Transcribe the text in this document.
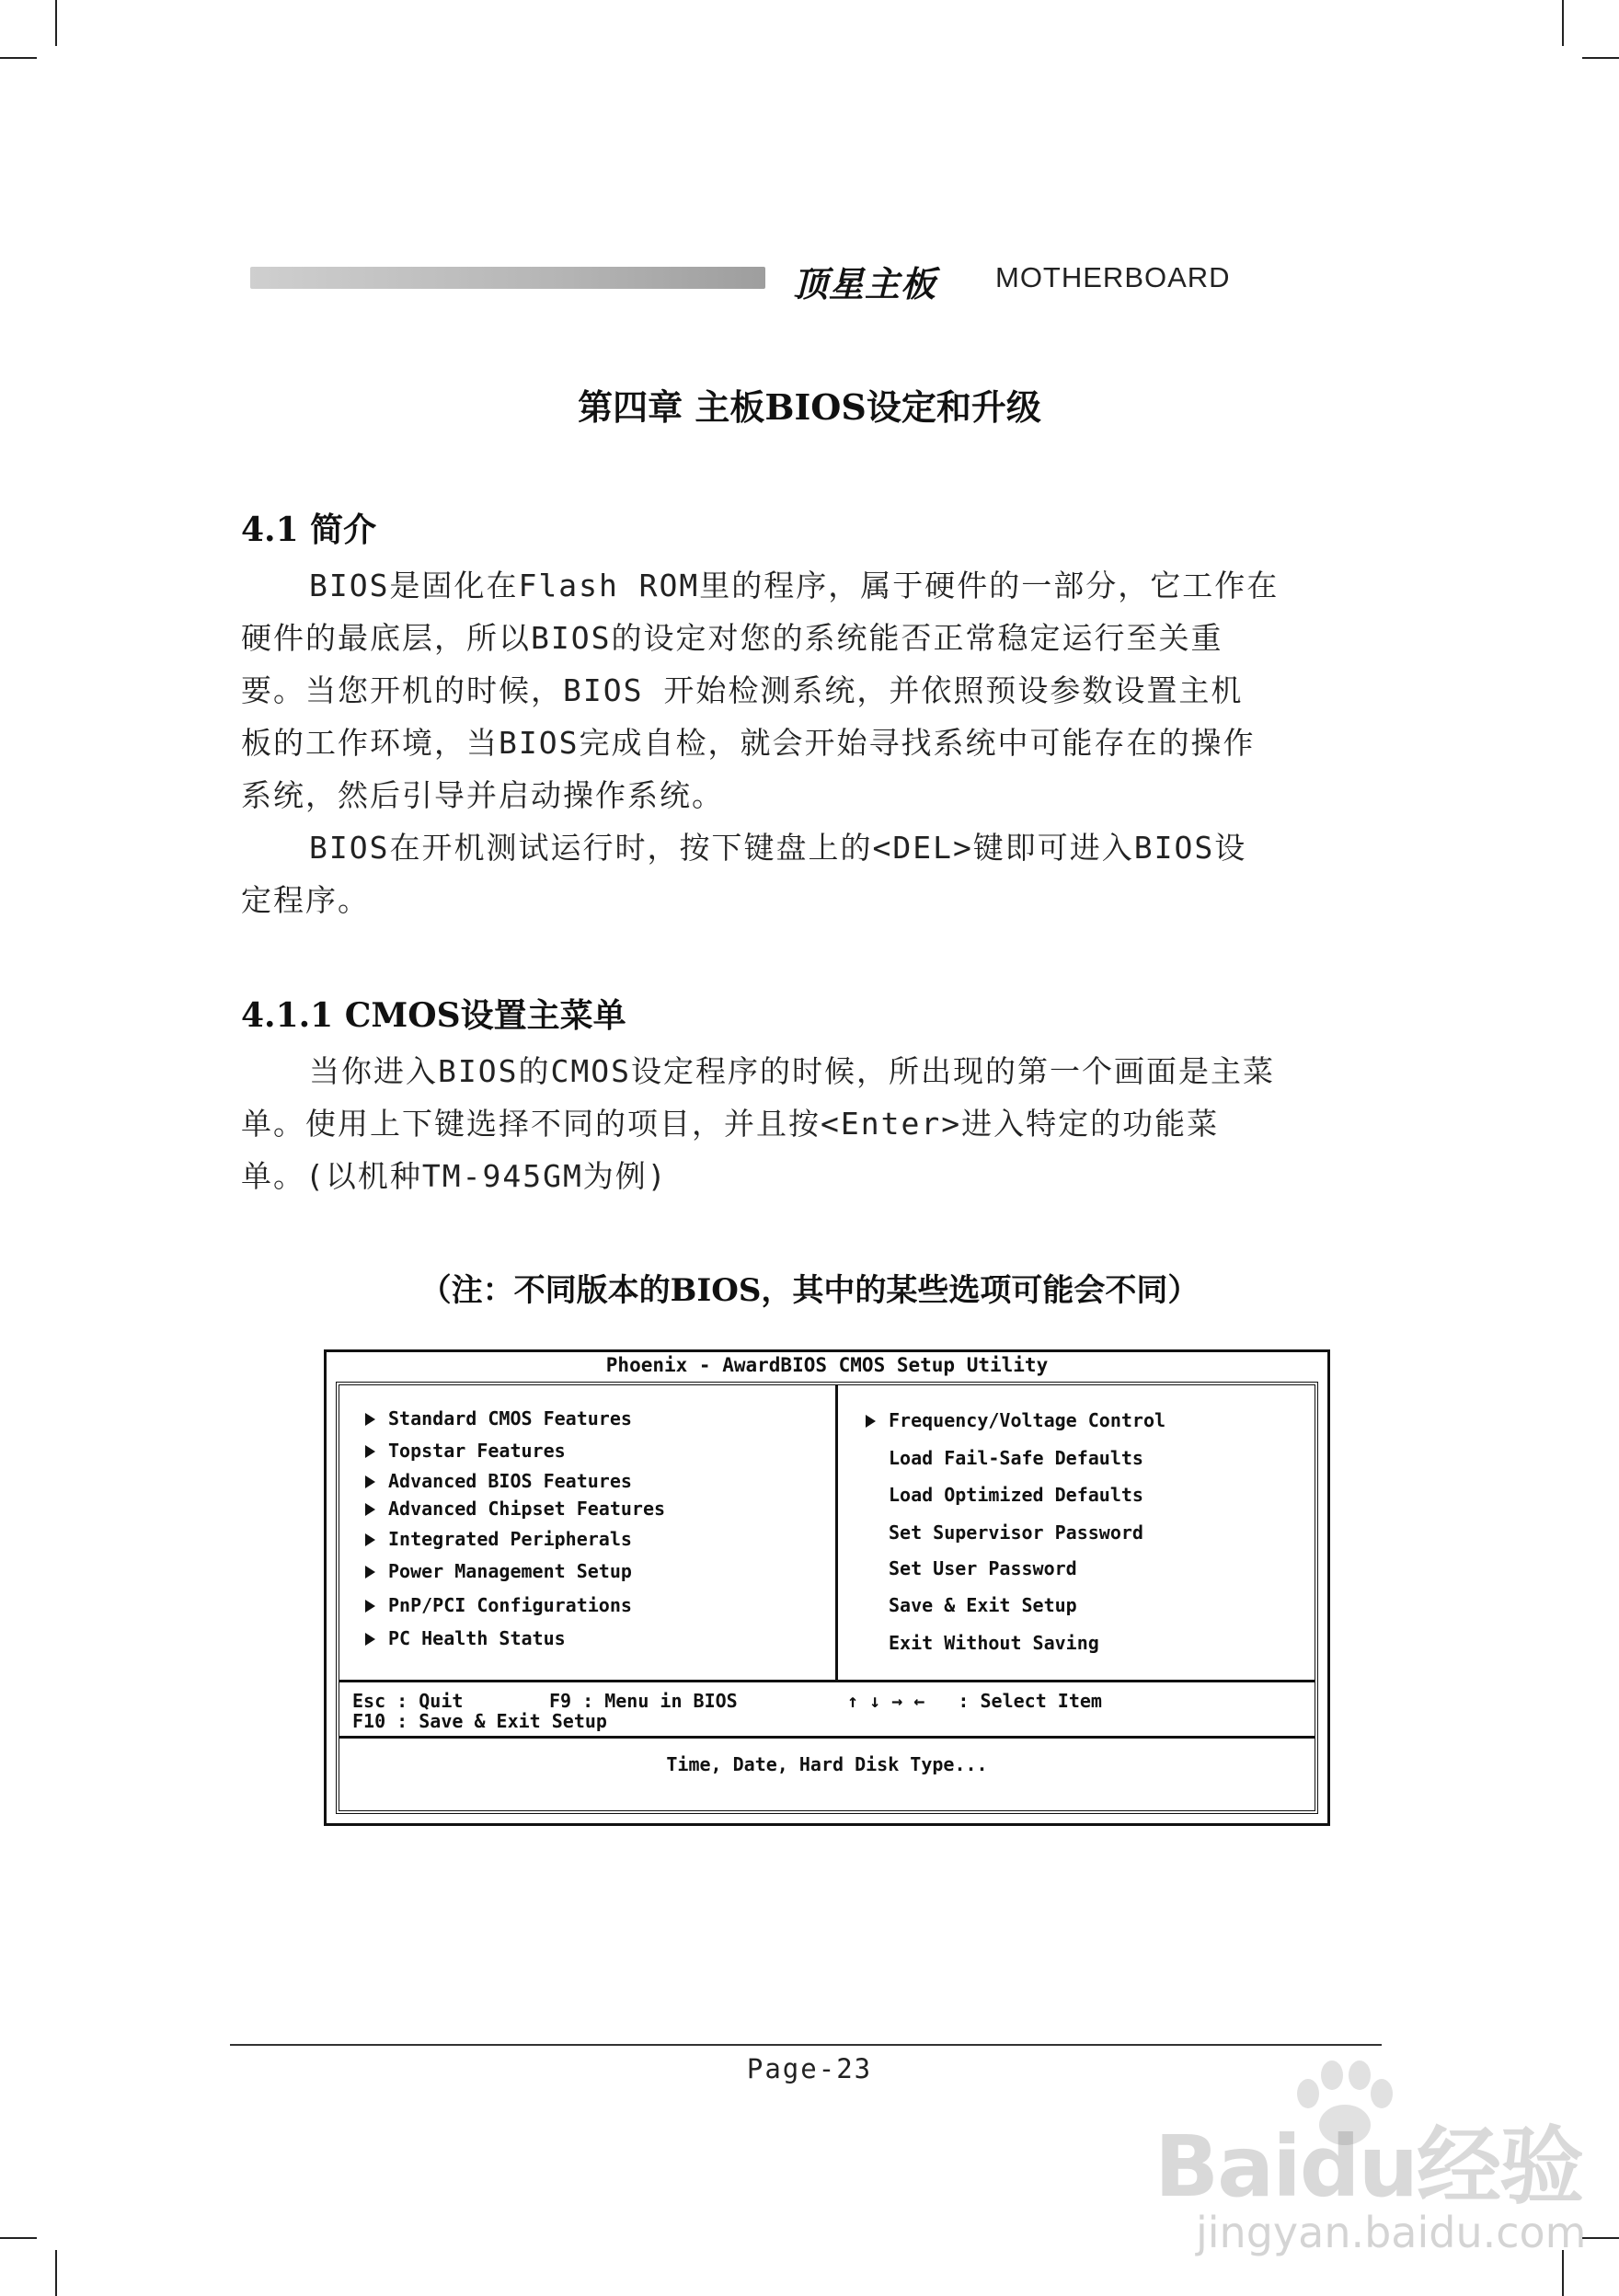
顶星主板 MOTHERBOARD
第四章 主板BIOS设定和升级
4.1 简介
BIOS是固化在Flash ROM里的程序，属于硬件的一部分，它工作在
硬件的最底层，所以BIOS的设定对您的系统能否正常稳定运行至关重
要。当您开机的时候，BIOS 开始检测系统，并依照预设参数设置主机
板的工作环境，当BIOS完成自检，就会开始寻找系统中可能存在的操作
系统，然后引导并启动操作系统。
BIOS在开机测试运行时，按下键盘上的<DEL>键即可进入BIOS设
定程序。
4.1.1 CMOS设置主菜单
当你进入BIOS的CMOS设定程序的时候，所出现的第一个画面是主菜
单。使用上下键选择不同的项目，并且按<Enter>进入特定的功能菜
单。(以机种TM-945GM为例)
（注：不同版本的BIOS，其中的某些选项可能会不同）
Phoenix - AwardBIOS CMOS Setup Utility
Standard CMOS Features
Topstar Features
Advanced BIOS Features
Advanced Chipset Features
Integrated Peripherals
Power Management Setup
PnP/PCI Configurations
PC Health Status
Frequency/Voltage Control
Load Fail-Safe Defaults
Load Optimized Defaults
Set Supervisor Password
Set User Password
Save & Exit Setup
Exit Without Saving
Esc : Quit	F9 : Menu in BIOS	↑ ↓ → ←   : Select Item
F10 : Save & Exit Setup
Time, Date, Hard Disk Type...
Page-23
Baidu经验
jingyan.baidu.com
